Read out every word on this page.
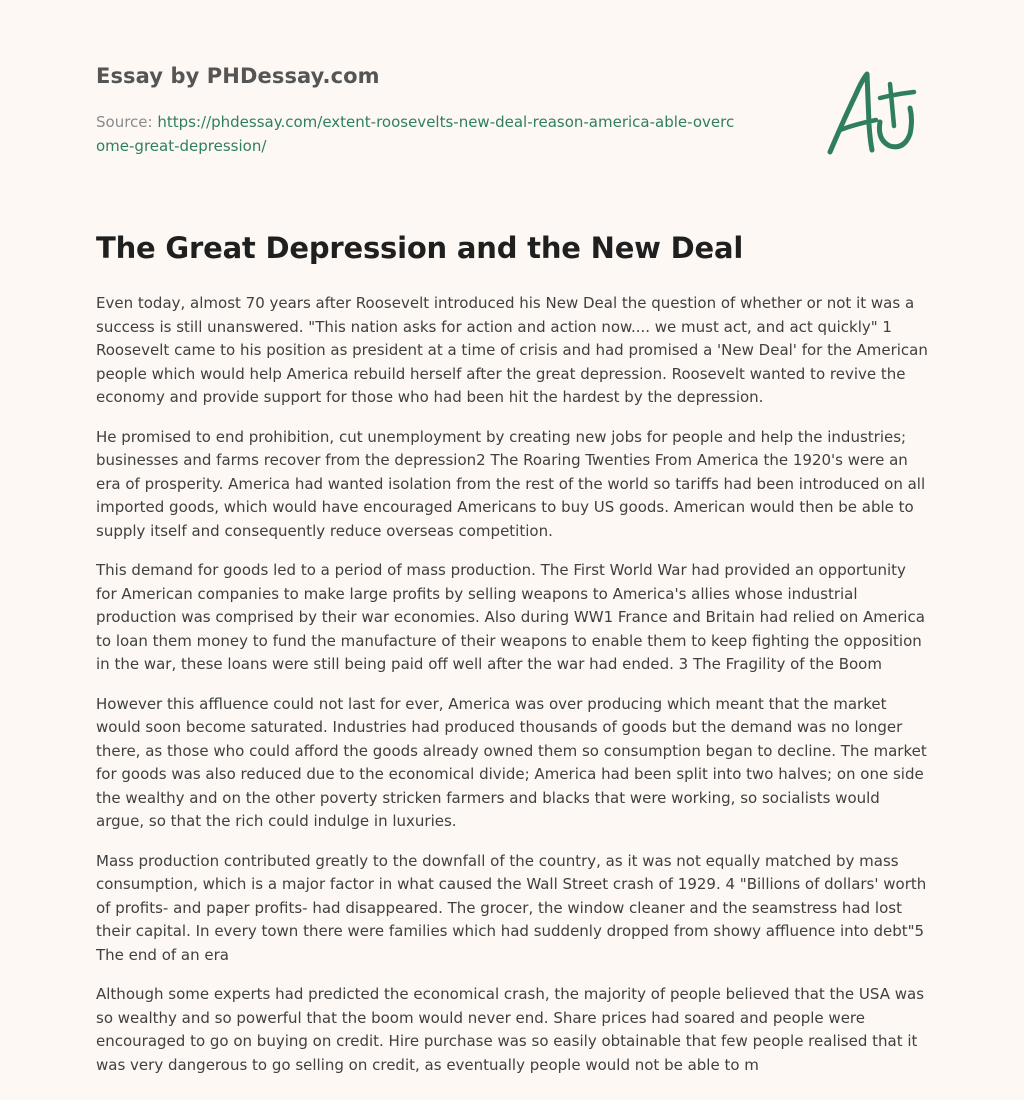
Essay by PHDessay.com
Source: https://phdessay.com/extent-roosevelts-new-deal-reason-america-able-overcome-great-depression/
The Great Depression and the New Deal

Even today, almost 70 years after Roosevelt introduced his New Deal the question of whether or not it was a success is still unanswered. "This nation asks for action and action now.... we must act, and act quickly" 1 Roosevelt came to his position as president at a time of crisis and had promised a 'New Deal' for the American people which would help America rebuild herself after the great depression. Roosevelt wanted to revive the economy and provide support for those who had been hit the hardest by the depression.

He promised to end prohibition, cut unemployment by creating new jobs for people and help the industries; businesses and farms recover from the depression2 The Roaring Twenties From America the 1920's were an era of prosperity. America had wanted isolation from the rest of the world so tariffs had been introduced on all imported goods, which would have encouraged Americans to buy US goods. American would then be able to supply itself and consequently reduce overseas competition.

This demand for goods led to a period of mass production. The First World War had provided an opportunity for American companies to make large profits by selling weapons to America's allies whose industrial production was comprised by their war economies. Also during WW1 France and Britain had relied on America to loan them money to fund the manufacture of their weapons to enable them to keep fighting the opposition in the war, these loans were still being paid off well after the war had ended. 3 The Fragility of the Boom

However this affluence could not last for ever, America was over producing which meant that the market would soon become saturated. Industries had produced thousands of goods but the demand was no longer there, as those who could afford the goods already owned them so consumption began to decline. The market for goods was also reduced due to the economical divide; America had been split into two halves; on one side the wealthy and on the other poverty stricken farmers and blacks that were working, so socialists would argue, so that the rich could indulge in luxuries.

Mass production contributed greatly to the downfall of the country, as it was not equally matched by mass consumption, which is a major factor in what caused the Wall Street crash of 1929. 4 "Billions of dollars' worth of profits- and paper profits- had disappeared. The grocer, the window cleaner and the seamstress had lost their capital. In every town there were families which had suddenly dropped from showy affluence into debt"5 The end of an era

Although some experts had predicted the economical crash, the majority of people believed that the USA was so wealthy and so powerful that the boom would never end. Share prices had soared and people were encouraged to go on buying on credit. Hire purchase was so easily obtainable that few people realised that it was very dangerous to go selling on credit, as eventually people would not be able to m
